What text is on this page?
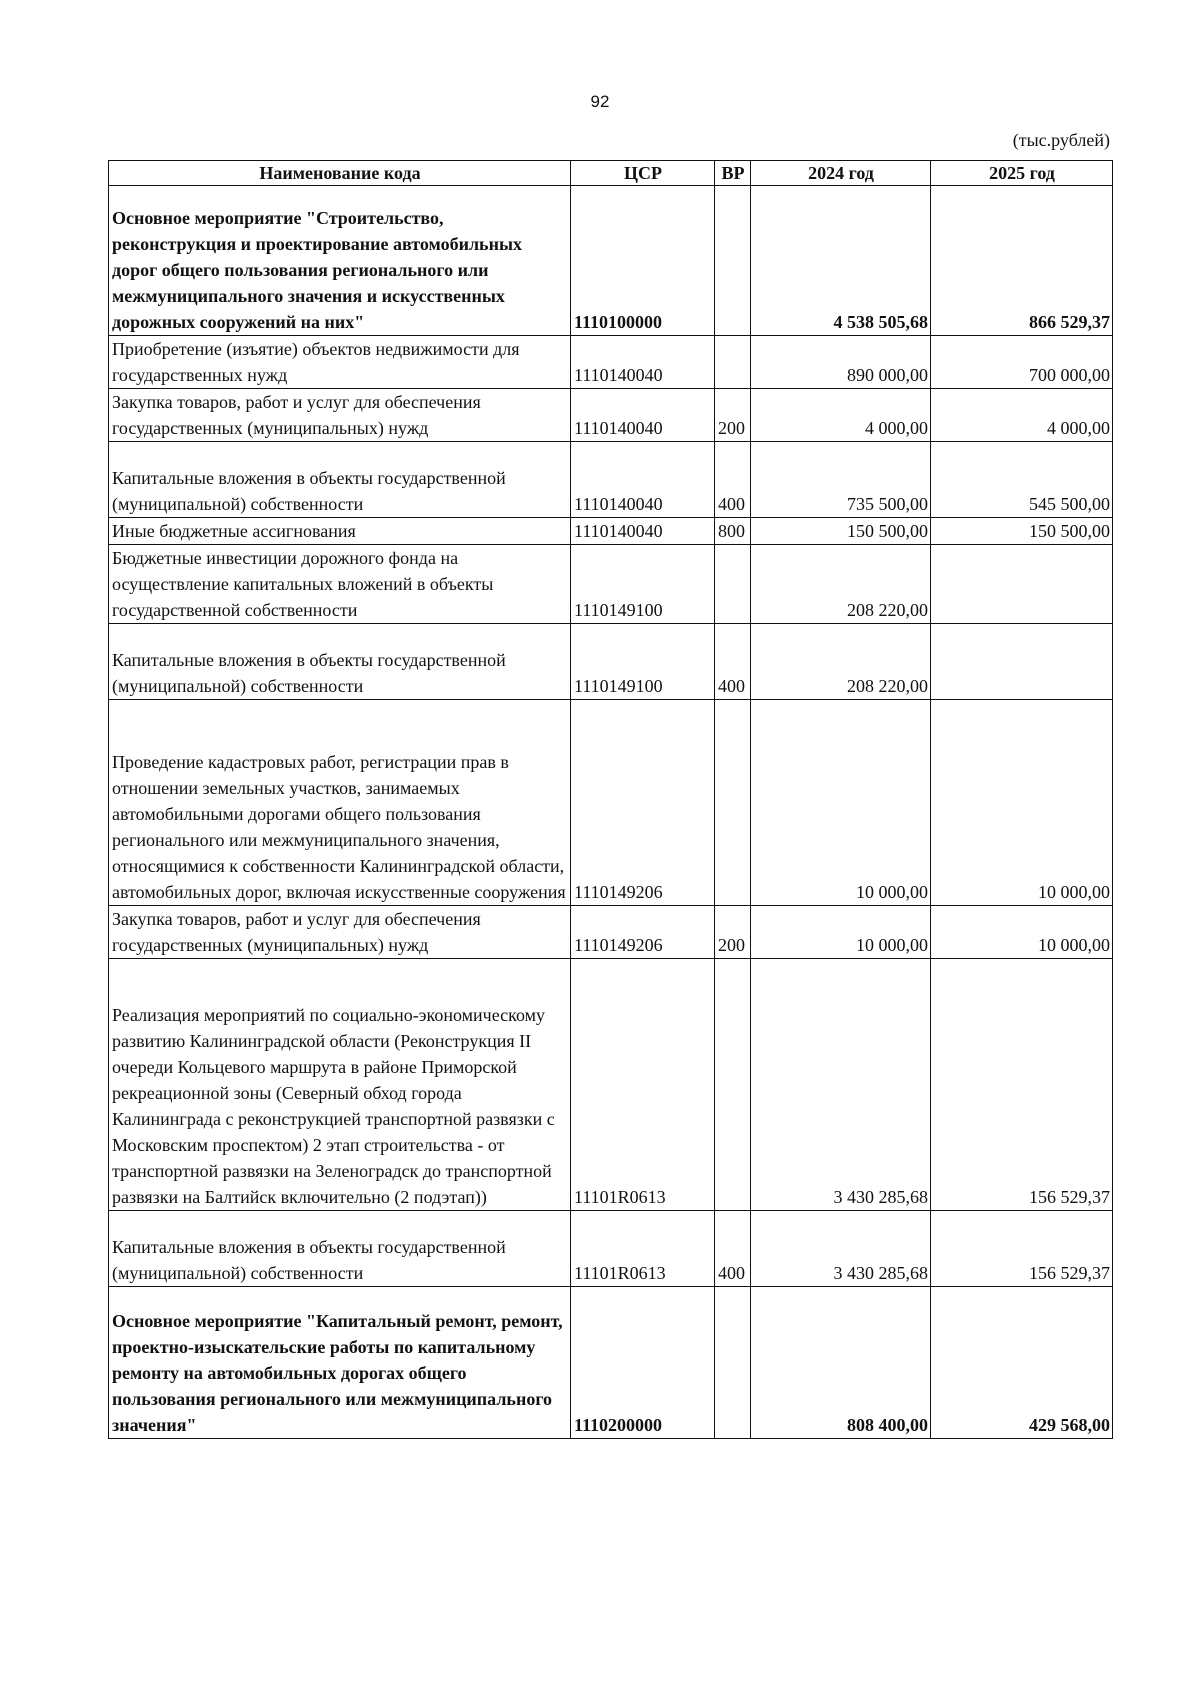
92
(тыс.рублей)
Наименование кода	ЦСР	ВР	2024 год	2025 год
Основное мероприятие "Строительство, реконструкция и проектирование автомобильных дорог общего пользования регионального или межмуниципального значения и искусственных дорожных сооружений на них"	1110100000		4 538 505,68	866 529,37
Приобретение (изъятие) объектов недвижимости для государственных нужд	1110140040		890 000,00	700 000,00
Закупка товаров, работ и услуг для обеспечения государственных (муниципальных) нужд	1110140040	200	4 000,00	4 000,00
Капитальные вложения в объекты государственной (муниципальной) собственности	1110140040	400	735 500,00	545 500,00
Иные бюджетные ассигнования	1110140040	800	150 500,00	150 500,00
Бюджетные инвестиции дорожного фонда на осуществление капитальных вложений в объекты государственной собственности	1110149100		208 220,00	
Капитальные вложения в объекты государственной (муниципальной) собственности	1110149100	400	208 220,00	
Проведение кадастровых работ, регистрации прав в отношении земельных участков, занимаемых автомобильными дорогами общего пользования регионального или межмуниципального значения, относящимися к собственности Калининградской области, автомобильных дорог, включая искусственные сооружения	1110149206		10 000,00	10 000,00
Закупка товаров, работ и услуг для обеспечения государственных (муниципальных) нужд	1110149206	200	10 000,00	10 000,00
Реализация мероприятий по социально-экономическому развитию Калининградской области (Реконструкция II очереди Кольцевого маршрута в районе Приморской рекреационной зоны (Северный обход города Калининграда с реконструкцией транспортной развязки с Московским проспектом) 2 этап строительства - от транспортной развязки на Зеленоградск до транспортной развязки на Балтийск включительно (2 подэтап))	11101R0613		3 430 285,68	156 529,37
Капитальные вложения в объекты государственной (муниципальной) собственности	11101R0613	400	3 430 285,68	156 529,37
Основное мероприятие "Капитальный ремонт, ремонт, проектно-изыскательские работы по капитальному ремонту на автомобильных дорогах общего пользования регионального или межмуниципального значения"	1110200000		808 400,00	429 568,00
